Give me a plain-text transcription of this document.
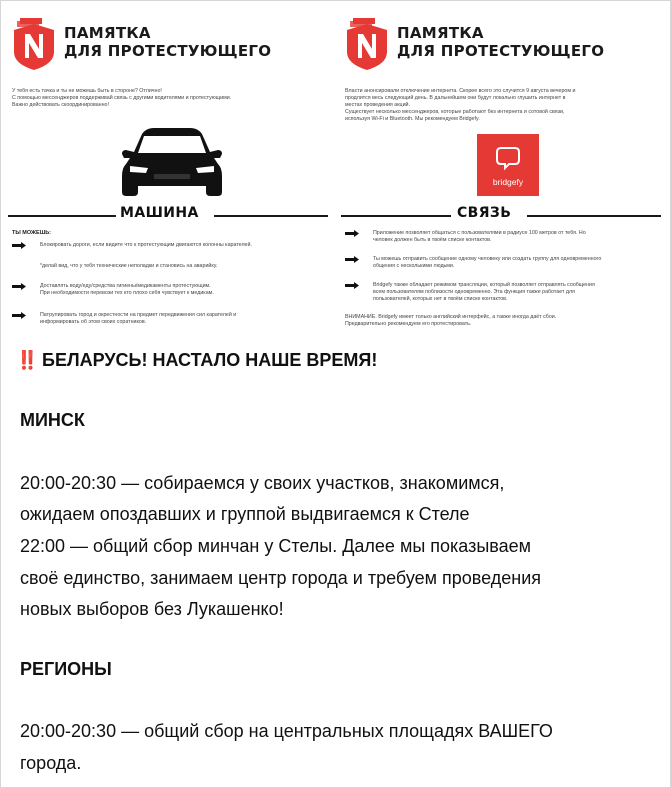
ПАМЯТКА
ДЛЯ ПРОТЕСТУЮЩЕГО
У тебя есть тачка и ты не можешь быть в стороне? Отлично!
С помощью мессенджеров поддерживай связь с другими водителями и протестующими.
Важно действовать скоординированно!
МАШИНА
ТЫ МОЖЕШЬ:
Блокировать дороги, если видите что к протестующим двигаются колонны карателей.
*делай вид, что у тебя технические неполадки и становись на аварийку.
Доставлять воду/еду/средства гигиены/медикаменты протестующим.
При необходимости перевози тех кто плохо себя чувствует к медикам.
Патрулировать город и окрестности на предмет передвижения сил карателей и
информировать об этом своих соратников.
ПАМЯТКА
ДЛЯ ПРОТЕСТУЮЩЕГО
Власти анонсировали отключение интернета. Скорее всего это случится 9 августа вечером и
продлится весь следующий день. В дальнейшем они будут локально глушить интернет в
местах проведения акций.
Существует несколько мессенджеров, которые работают без интернета и сотовой связи,
используя Wi-Fi и Bluetooth. Мы рекомендуем Bridgefy.
bridgefy
СВЯЗЬ
Приложение позволяет общаться с пользователями в радиусе 100 метров от тебя. Но
человек должен быть в твоём списке контактов.
Ты можешь отправить сообщение одному человеку или создать группу для одновременного
общения с несколькими людьми.
Bridgefy также обладает режимом трансляции, который позволяет отправлять сообщения
всем пользователям поблизости одновременно. Эта функция также работает для
пользователей, которых нет в твоём списке контактов.
ВНИМАНИЕ. Bridgefy имеет только английский интерфейс, а также иногда даёт сбои.
Предварительно рекомендуем его протестировать.
‼️ БЕЛАРУСЬ! НАСТАЛО НАШЕ ВРЕМЯ!
МИНСК
20:00-20:30 — собираемся у своих участков, знакомимся,
ожидаем опоздавших и группой выдвигаемся к Стеле
22:00 — общий сбор минчан у Стелы. Далее мы показываем
своё единство, занимаем центр города и требуем проведения
новых выборов без Лукашенко!
РЕГИОНЫ
20:00-20:30 — общий сбор на центральных площадях ВАШЕГО
города.
